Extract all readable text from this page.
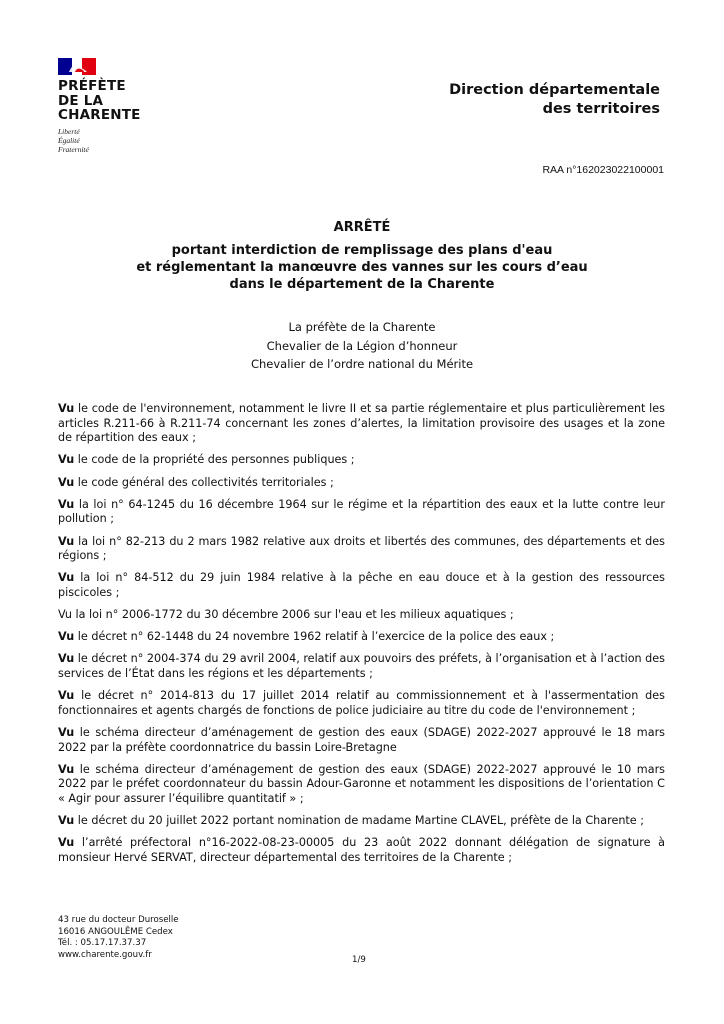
PRÉFÈTE
DE LA
CHARENTE
Liberté
Égalité
Fraternité
Direction départementale
des territoires
RAA n°162023022100001
ARRÊTÉ
portant interdiction de remplissage des plans d'eau
et réglementant la manœuvre des vannes sur les cours d’eau
dans le département de la Charente
La préfète de la Charente
Chevalier de la Légion d’honneur
Chevalier de l’ordre national du Mérite

Vu le code de l'environnement, notamment le livre II et sa partie réglementaire et plus particulièrement les articles R.211-66 à R.211-74 concernant les zones d’alertes, la limitation provisoire des usages et la zone de répartition des eaux ;

Vu le code de la propriété des personnes publiques ;

Vu le code général des collectivités territoriales ;

Vu la loi n° 64-1245 du 16 décembre 1964 sur le régime et la répartition des eaux et la lutte contre leur pollution ;

Vu la loi n° 82-213 du 2 mars 1982 relative aux droits et libertés des communes, des départements et des régions ;

Vu la loi n° 84-512 du 29 juin 1984 relative à la pêche en eau douce et à la gestion des ressources piscicoles ;

Vu la loi n° 2006-1772 du 30 décembre 2006 sur l'eau et les milieux aquatiques ;

Vu le décret n° 62-1448 du 24 novembre 1962 relatif à l’exercice de la police des eaux ;

Vu le décret n° 2004-374 du 29 avril 2004, relatif aux pouvoirs des préfets, à l’organisation et à l’action des services de l’État dans les régions et les départements ;

Vu le décret n° 2014-813 du 17 juillet 2014 relatif au commissionnement et à l'assermentation des fonctionnaires et agents chargés de fonctions de police judiciaire au titre du code de l'environnement ;

Vu le schéma directeur d’aménagement de gestion des eaux (SDAGE) 2022-2027 approuvé le 18 mars 2022 par la préfète coordonnatrice du bassin Loire-Bretagne

Vu le schéma directeur d’aménagement de gestion des eaux (SDAGE) 2022-2027 approuvé le 10 mars 2022 par le préfet coordonnateur du bassin Adour-Garonne et notamment les dispositions de l’orientation C « Agir pour assurer l’équilibre quantitatif » ;

Vu le décret du 20 juillet 2022 portant nomination de madame Martine CLAVEL, préfète de la Charente ;

Vu l’arrêté préfectoral n°16-2022-08-23-00005 du 23 août 2022 donnant délégation de signature à monsieur Hervé SERVAT, directeur départemental des territoires de la Charente ;

43 rue du docteur Duroselle
16016 ANGOULÊME Cedex
Tél. : 05.17.17.37.37
www.charente.gouv.fr
1/9
